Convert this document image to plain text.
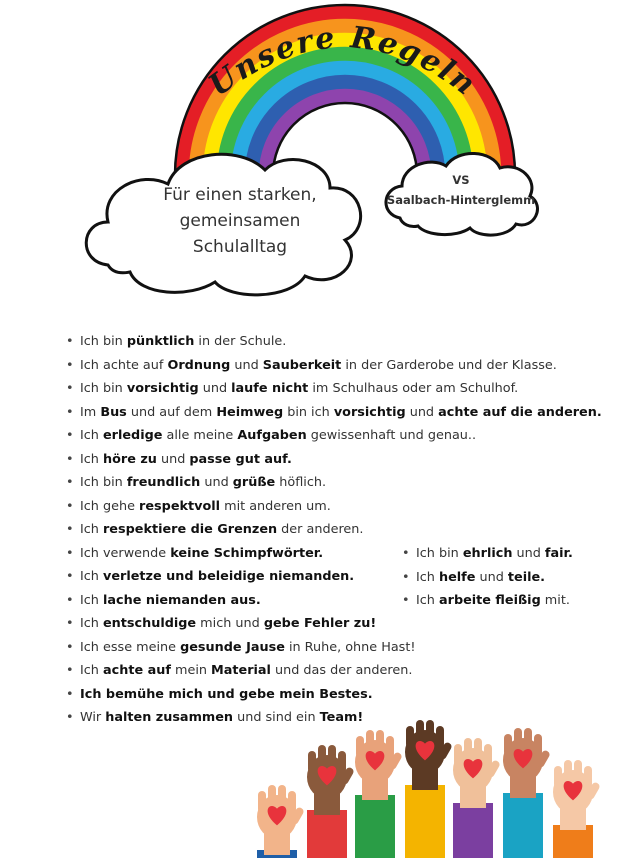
Unsere Regeln
Für einen starken,
gemeinsamen
Schulalltag
VS
Saalbach-Hinterglemm
• Ich bin pünktlich in der Schule.
• Ich achte auf Ordnung und Sauberkeit in der Garderobe und der Klasse.
• Ich bin vorsichtig und laufe nicht im Schulhaus oder am Schulhof.
• Im Bus und auf dem Heimweg bin ich vorsichtig und achte auf die anderen.
• Ich erledige alle meine Aufgaben gewissenhaft und genau..
• Ich höre zu und passe gut auf.
• Ich bin freundlich und grüße höflich.
• Ich gehe respektvoll mit anderen um.
• Ich respektiere die Grenzen der anderen.
• Ich verwende keine Schimpfwörter.
• Ich verletze und beleidige niemanden.
• Ich lache niemanden aus.
• Ich entschuldige mich und gebe Fehler zu!
• Ich esse meine gesunde Jause in Ruhe, ohne Hast!
• Ich achte auf mein Material und das der anderen.
• Ich bemühe mich und gebe mein Bestes.
• Wir halten zusammen und sind ein Team!
• Ich bin ehrlich und fair.
• Ich helfe und teile.
• Ich arbeite fleißig mit.
